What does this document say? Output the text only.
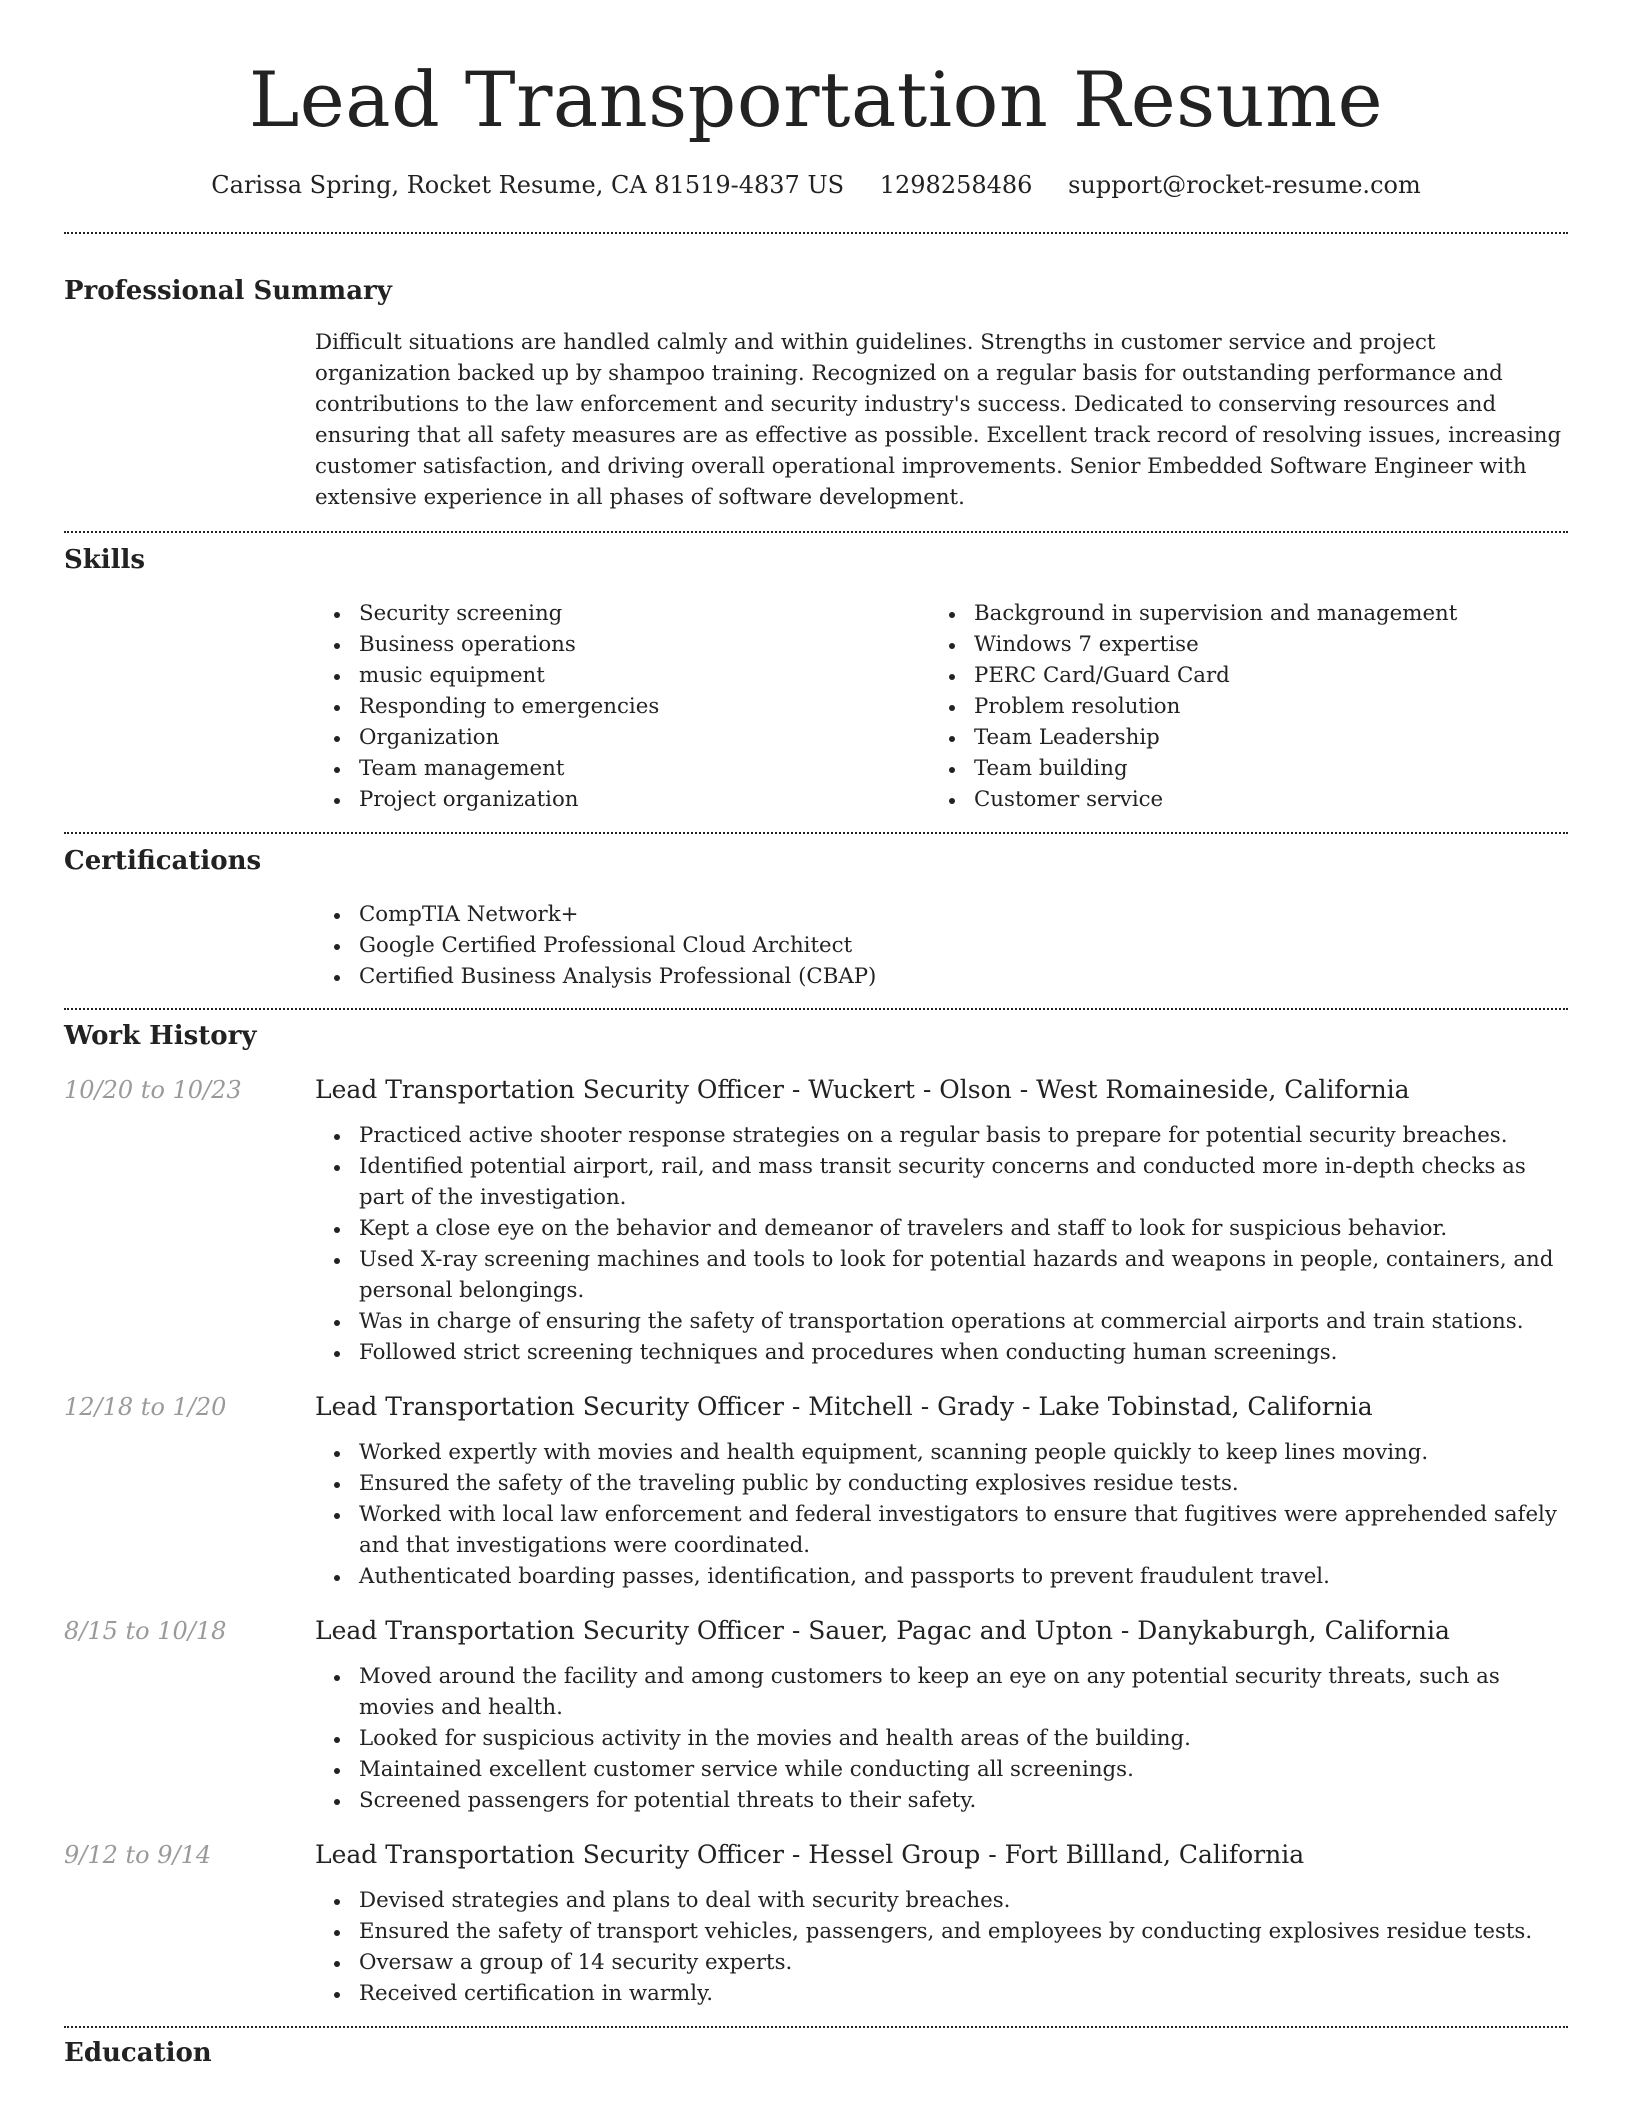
Lead Transportation Resume
Carissa Spring, Rocket Resume, CA 81519-4837 US 1298258486 support@rocket-resume.com
Professional Summary

Difficult situations are handled calmly and within guidelines. Strengths in customer service and project organization backed up by shampoo training. Recognized on a regular basis for outstanding performance and contributions to the law enforcement and security industry's success. Dedicated to conserving resources and ensuring that all safety measures are as effective as possible. Excellent track record of resolving issues, increasing customer satisfaction, and driving overall operational improvements. Senior Embedded Software Engineer with extensive experience in all phases of software development.

Skills
Security screening
Business operations
music equipment
Responding to emergencies
Organization
Team management
Project organization
Background in supervision and management
Windows 7 expertise
PERC Card/Guard Card
Problem resolution
Team Leadership
Team building
Customer service
Certifications
CompTIA Network+
Google Certified Professional Cloud Architect
Certified Business Analysis Professional (CBAP)
Work History
10/20 to 10/23	Lead Transportation Security Officer - Wuckert - Olson - West Romaineside, California
Practiced active shooter response strategies on a regular basis to prepare for potential security breaches.
Identified potential airport, rail, and mass transit security concerns and conducted more in-depth checks as part of the investigation.
Kept a close eye on the behavior and demeanor of travelers and staff to look for suspicious behavior.
Used X-ray screening machines and tools to look for potential hazards and weapons in people, containers, and personal belongings.
Was in charge of ensuring the safety of transportation operations at commercial airports and train stations.
Followed strict screening techniques and procedures when conducting human screenings.
12/18 to 1/20	Lead Transportation Security Officer - Mitchell - Grady - Lake Tobinstad, California
Worked expertly with movies and health equipment, scanning people quickly to keep lines moving.
Ensured the safety of the traveling public by conducting explosives residue tests.
Worked with local law enforcement and federal investigators to ensure that fugitives were apprehended safely and that investigations were coordinated.
Authenticated boarding passes, identification, and passports to prevent fraudulent travel.
8/15 to 10/18	Lead Transportation Security Officer - Sauer, Pagac and Upton - Danykaburgh, California
Moved around the facility and among customers to keep an eye on any potential security threats, such as movies and health.
Looked for suspicious activity in the movies and health areas of the building.
Maintained excellent customer service while conducting all screenings.
Screened passengers for potential threats to their safety.
9/12 to 9/14	Lead Transportation Security Officer - Hessel Group - Fort Billland, California
Devised strategies and plans to deal with security breaches.
Ensured the safety of transport vehicles, passengers, and employees by conducting explosives residue tests.
Oversaw a group of 14 security experts.
Received certification in warmly.
Education
